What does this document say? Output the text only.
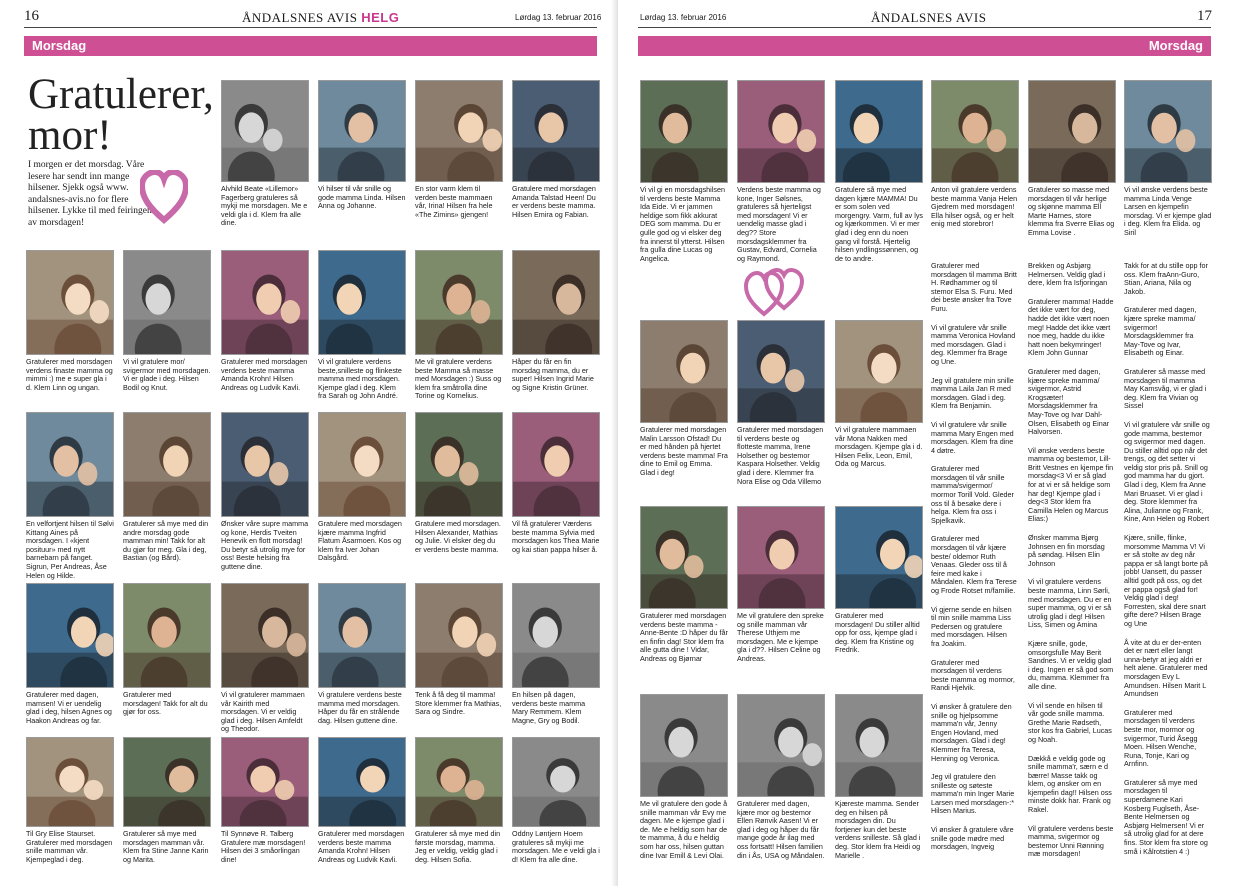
16	ÅNDALSNES AVIS HELG	Lørdag 13. februar 2016
Morsdag
Gratulerer, mor!
I morgen er det morsdag. Våre lesere har sendt inn mange hilsener. Sjekk også www. andalsnes-avis.no for flere hilsener. Lykke til med feiringen av morsdagen!
Alvhild Beate «Lillemor» Fagerberg gratuleres så mykji me morsdagen. Me e veldi gla i d. Klem fra alle dine.
Vi hilser til vår snille og gode mamma Linda. Hilsen Anna og Johanne.
En stor varm klem til verden beste mammaen vår, Irina! Hilsen fra hele «The Zimins» gjengen!
Gratulere med morsdagen Amanda Talstad Heen! Du er verdens beste mamma. Hilsen Emira og Fabian.
Gratulerer med morsdagen verdens finaste mamma og mimmi :) me e super gla i d. Klem Linn og ungan.
Vi vil gratulere mor/ svigermor med morsdagen. Vi er glade i deg. Hilsen Bodil og Knut.
Gratulerer med morsdagen verdens beste mamma Amanda Krohn! Hilsen Andreas og Ludvik Kavli.
Vi vil gratulere verdens beste,snilleste og flinkeste mamma med morsdagen. Kjempe glad i deg. Klem fra Sarah og John André.
Me vil gratulere verdens beste Mamma så masse med Morsdagen :) Suss og klem fra småtrolla dine Torine og Kornelius.
Håper du får en fin morsdag mamma, du er super! Hilsen Ingrid Marie og Signe Kristin Grüner.
En velfortjent hilsen til Sølvi Kittang Aines på morsdagen. I «kjent posituur» med nytt barnebarn på fanget. Sigrun, Per Andreas, Åse Helen og Hilde.
Gratulerer så mye med din andre morsdag gode mamman min! Takk for alt du gjør for meg. Gla i deg, Bastian (og Bård).
Ønsker våre supre mamma og kone, Herdis Tveiten Henevik en flott morsdag! Du betyr så utrolig mye for oss! Beste helsing fra guttene dine.
Gratulere med morsdagen kjære mamma Ingfrid Flatum Åsarmoen. Kos og klem fra Iver Johan Dalsgård.
Gratulere med morsdagen. Hilsen Alexander, Mathias og Julie. Vi elsker deg du er verdens beste mamma.
Vil få gratulerer Værdens beste mamma Sylvia med morsdagen kos Thea Marie og kai stian pappa hilser å.
Gratulerer med dagen, mamsen! Vi er uendelig glad i deg, hilsen Agnes og Haakon Andreas og far.
Gratulerer med morsdagen! Takk for alt du gjør for oss.
Vi vil gratulerer mammaen vår Kairith med morsdagen. Vi er veldig glad i deg. Hilsen Arnfeldt og Theodor.
Vi gratulere verdens beste mamma med morsdagen. Håper du får en strålende dag. Hilsen guttene dine.
Tenk å få deg til mamma! Store klemmer fra Mathias, Sara og Sindre.
En hilsen på dagen, verdens beste mamma Mary Remmem. Klem Magne, Gry og Bodil.
Til Gry Elise Staurset. Gratulerer med morsdagen snille mamman vår. Kjempeglad i deg.
Gratulerer så mye med morsdagen mamman vår. Klem fra Stine Janne Karin og Marita.
Til Synnøve R. Talberg Gratulere mæ morsdagen! Hilsen dei 3 småorlingan dine!
Gratulerer med morsdagen verdens beste mamma Amanda Krohn! Hilsen Andreas og Ludvik Kavli.
Gratulerer så mye med din første morsdag, mamma. Jeg er veldig, veldig glad i deg. Hilsen Sofia.
Oddny Løntjern Hoem gratuleres så mykji me morsdagen. Me e veldi gla i d! Klem fra alle dine.
Lørdag 13. februar 2016	ÅNDALSNES AVIS	17
Morsdag
Vi vil gi en morsdagshilsen til verdens beste Mamma Ida Eide. Vi er jammen heldige som fikk akkurat DEG som mamma. Du er gulle god og vi elsker deg fra innerst til ytterst. Hilsen fra gulla dine Lucas og Angelica.
Verdens beste mamma og kone, Inger Sølsnes, gratuleres så hjerteligst med morsdagen! Vi er uendelig masse glad i deg?? Store morsdagsklemmer fra Gustav, Edvard, Cornelia og Raymond.
Gratulere så mye med dagen kjære MAMMA! Du er som solen ved morgengry. Varm, full av lys og kjærkommen. Vi er mer glad i deg enn du noen gang vil forstå. Hjertelig hilsen yndlingssønnen, og de to andre.
Anton vil gratulere verdens beste mamma Vanja Helen Gjedrem med morsdagen! Ella hilser også, og er helt enig med storebror!
Gratulerer so masse med morsdagen til vår herlige og skjønne mamma Ell Marte Harnes, store klemma fra Sverre Elias og Emma Lovise .
Vi vil ønske verdens beste mamma Linda Venge Larsen en kjempefin morsdag. Vi er kjempe glad i deg. Klem fra Elida. og Siril
Gratulerer med morsdagen Malin Larsson Ofstad! Du er med hånden på hjertet verdens beste mamma! Fra dine to Emil og Emma. Glad i deg!
Gratulerer med morsdagen til verdens beste og flotteste mamma, Irene Holsether og bestemor Kaspara Holsether. Veldig glad i dere. Klemmer fra Nora Elise og Oda Villemo
Vi vil gratulere mammaen vår Mona Nakken med morsdagen. Kjempe gla i d. Hilsen Felix, Leon, Emil, Oda og Marcus.
Gratulerer med morsdagen verdens beste mamma - Anne-Bente :D håper du får en finfin dag! Stor klem fra alle gutta dine ! Vidar, Andreas og Bjørnar
Me vil gratulere den spreke og snille mamman vår Therese Uthjem me morsdagen. Me e kjempe gla i d??. Hilsen Celine og Andreas.
Gratulerer med morsdagen! Du stiller alltid opp for oss, kjempe glad i deg. Klem fra Kristine og Fredrik.
Me vil gratulere den gode å snille mamman vår Evy me dagen. Me e kjempe glad i de. Me e heldig som har de te mamma, å du e heldig som har oss, hilsen guttan dine Ivar Emill & Levi Olai.
Gratulerer med dagen, kjære mor og bestemor Ellen Rønvik Aasen! Vi er glad i deg og håper du får mange gode år ilag med oss fortsatt! Hilsen familien din i Ås, USA og Måndalen.
Kjæreste mamma. Sender deg en hilsen på morsdagen din. Du fortjener kun det beste verdens snilleste. Så glad i deg. Stor klem fra Heidi og Marielle .

Gratulerer med morsdagen til mamma Britt H. Rødhammer og til stemor Elsa S. Furu. Med dei beste ønsker fra Tove Furu.

Vi vil gratulere vår snille mamma Veronica Hovland med morsdagen. Glad i deg. Klemmer fra Brage og Une.

Jeg vil gratulere min snille mamma Laila Jan R med morsdagen. Glad i deg. Klem fra Benjamin.

Vi vil gratulere vår snille mamma Mary Engen med morsdagen. Klem fra dine 4 døtre.

Gratulerer med morsdagen til vår snille mamma/svigermor/ mormor Torill Vold. Gleder oss til å besøke dere i helga. Klem fra oss i Spjelkavik.

Gratulerer med morsdagen til vår kjære beste/ oldemor Ruth Venaas. Gleder oss til å feire med kake i Måndalen. Klem fra Terese og Frode Rotset m/familie.

Vi gjerne sende en hilsen til min snille mamma Liss Pedersen og gratulere med morsdagen. Hilsen fra Joakim.

Gratulerer med morsdagen til verdens beste mamma og mormor, Randi Hjelvik.

Vi ønsker å gratulere den snille og hjelpsomme mamma'n vår, Jenny Engen Hovland, med morsdagen. Glad i deg! Klemmer fra Teresa, Henning og Veronica.

Jeg vil gratulere den snilleste og søteste mamma'n min Inger Marie Larsen med morsdagen-:* Hilsen Marius.

Vi ønsker å gratulere våre snille gode mødre med morsdagen, Ingveig

Brekken og Asbjørg Helmersen. Veldig glad i dere, klem fra Isfjoringan

Gratulerer mamma! Hadde det ikke vært for deg, hadde det ikke vært noen meg! Hadde det ikke vært noe meg, hadde du ikke hatt noen bekymringer! Klem John Gunnar

Gratulerer med dagen, kjære spreke mamma/ svigermor, Astrid Krogsæter! Morsdagsklemmer fra May-Tove og Ivar Dahl-Olsen, Elisabeth og Einar Halvorsen.

Vil ønske verdens beste mamma og bestemor, Lill-Britt Vestnes en kjempe fin morsdag<3 Vi er så glad for at vi er så heldige som har deg! Kjempe glad i deg<3 Stor klem fra Camilla Helen og Marcus Elias:)

Ønsker mamma Bjørg Johnsen en fin morsdag på søndag. Hilsen Elin Johnson

Vi vil gratulere verdens beste mamma, Linn Sørli, med morsdagen. Du er en super mamma, og vi er så utrolig glad i deg! Hilsen Liss, Simen og Amina

Kjære snille, gode, omsorgsfulle May Berit Sandnes. Vi er veldig glad i deg. Ingen er så god som du, mamma. Klemmer fra alle dine.

Vi vil sende en hilsen til vår gode snille mamma. Grethe Marie Rødseth, stor kos fra Gabriel, Lucas og Noah.

Dækkå e veldig gode og snille mamma'r, særn e d bærre! Masse takk og klem, og ønsker om en kjempefin dag!! Hilsen oss minste dokk har. Frank og Rakel.

Vil gratulere verdens beste mamma, svigermor og bestemor Unni Rønning mæ morsdagen!

Takk for at du stille opp for oss. Klem fraAnn-Guro, Stian, Ariana, Nila og Jakob.

Gratulerer med dagen, kjære spreke mamma/ svigermor! Morsdagsklemmer fra May-Tove og Ivar, Elisabeth og Einar.

Gratulerer så masse med morsdagen til mamma May Kamsvåg, vi er glad i deg. Klem fra Vivian og Sissel

Vi vil gratulere vår snille og gode mamma, bestemor og svigermor med dagen. Du stiller alltid opp når det trengs, og det setter vi veldig stor pris på. Snill og god mamma har du gjort. Glad i deg, Klem fra Anne Mari Bruaset. Vi er glad i deg. Store klemmer fra Alina, Julianne og Frank, Kine, Ann Helen og Robert

Kjære, snille, flinke, morsomme Mamma V! Vi er så stolte av deg når pappa er så langt borte på jobb! Uansett, du passer alltid godt på oss, og det er pappa også glad for! Veldig glad i deg! Forresten, skal dere snart gifte dere? Hilsen Brage og Une

Å vite at du er der-enten det er nært eller langt unna-betyr at jeg aldri er helt alene. Gratulerer med morsdagen Evy L Amundsen. Hilsen Marit L Amundsen

Gratulerer med morsdagen til verdens beste mor, mormor og svigermor, Turid Åsegg Moen. Hilsen Wenche, Runa, Tonje, Kari og Arnfinn.

Gratulerer så mye med morsdagen til superdamene Kari Kosberg Fuglseth, Åse-Bente Helmersen og Asbjørg Helmersen! Vi er så utrolig glad for at dere fins. Stor klem fra store og små i Kålrotstien 4 :)
